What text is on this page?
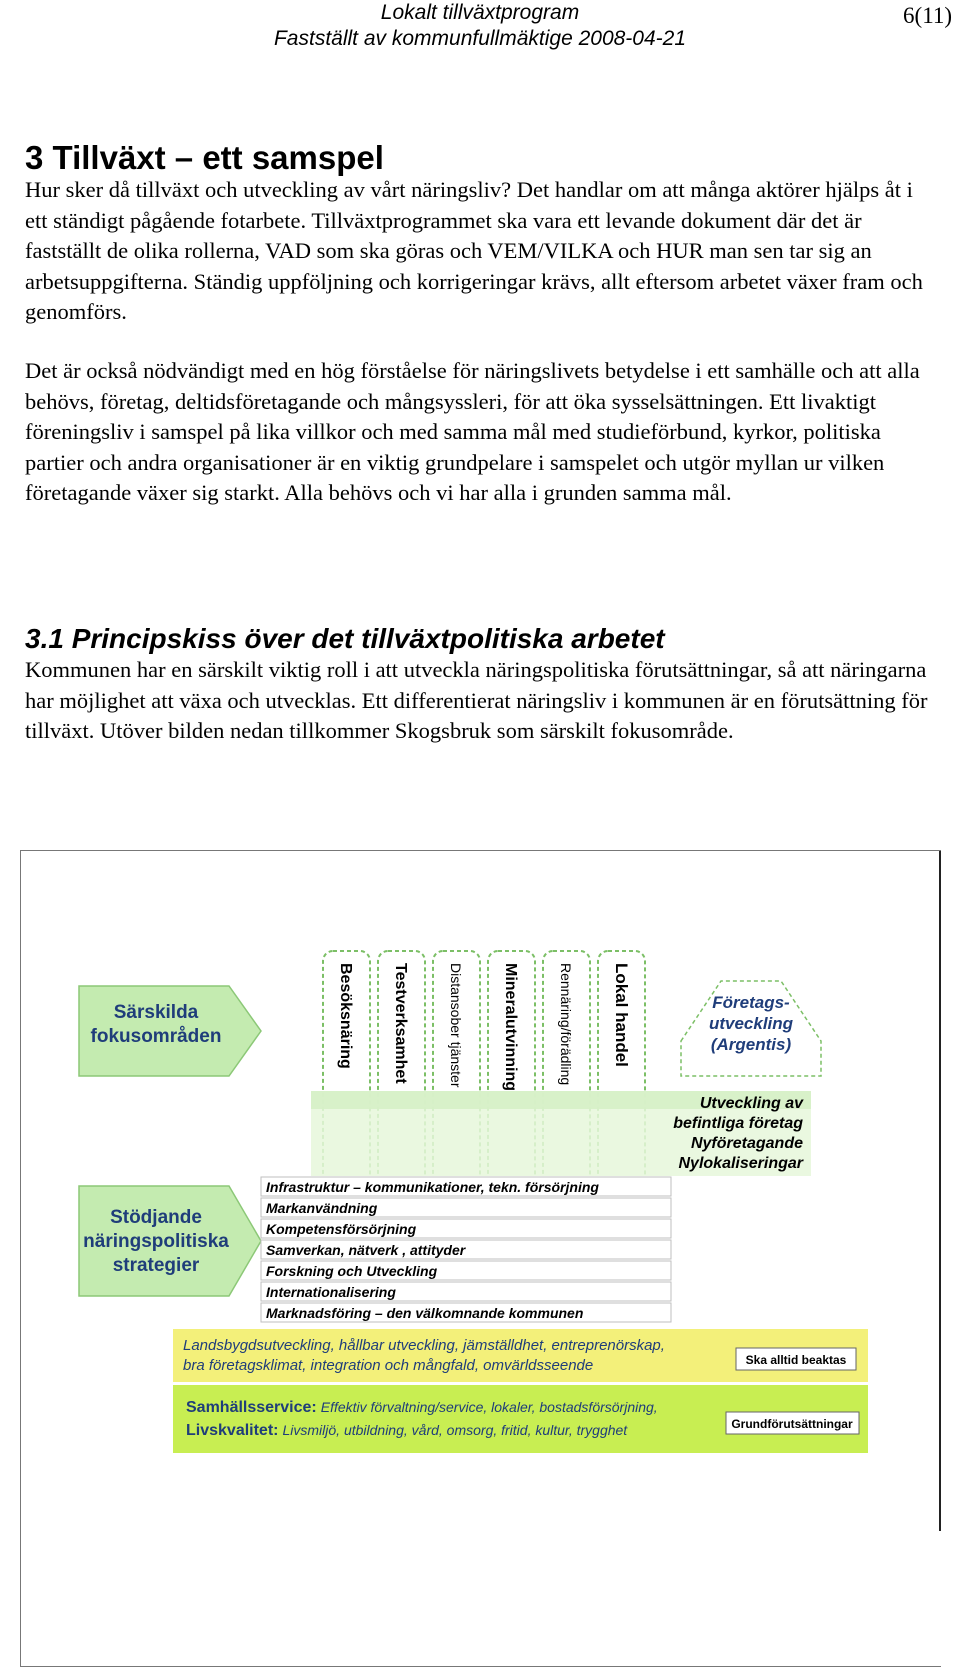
Lokalt tillväxtprogram
Fastställt av kommunfullmäktige 2008-04-21
6(11)
3 Tillväxt – ett samspel

Hur sker då tillväxt och utveckling av vårt näringsliv? Det handlar om att många aktörer hjälps åt i ett ständigt pågående fotarbete. Tillväxtprogrammet ska vara ett levande dokument där det är fastställt de olika rollerna, VAD som ska göras och VEM/VILKA och HUR man sen tar sig an arbetsuppgifterna. Ständig uppföljning och korrigeringar krävs, allt eftersom arbetet växer fram och genomförs.

Det är också nödvändigt med en hög förståelse för näringslivets betydelse i ett samhälle och att alla behövs, företag, deltidsföretagande och mångsyssleri, för att öka sysselsättningen. Ett livaktigt föreningsliv i samspel på lika villkor och med samma mål med studieförbund, kyrkor, politiska partier och andra organisationer är en viktig grundpelare i samspelet och utgör myllan ur vilken företagande växer sig starkt. Alla behövs och vi har alla i grunden samma mål.

3.1 Principskiss över det tillväxtpolitiska arbetet

Kommunen har en särskilt viktig roll i att utveckla näringspolitiska förutsättningar, så att näringarna har möjlighet att växa och utvecklas. Ett differentierat näringsliv i kommunen är en förutsättning för tillväxt. Utöver bilden nedan tillkommer Skogsbruk som särskilt fokusområde.

Särskilda
fokusområden
Stödjande
näringspolitiska
strategier
Besöksnäring Testverksamhet	Distansober tjänster Mineralutvinning	Rennäring/förädling Lokal handel	Företags-
utveckling
(Argentis)
Utveckling av
befintliga företag
Nyföretagande
Nylokaliseringar
Infrastruktur – kommunikationer, tekn. försörjning
Markanvändning
Kompetensförsörjning
Samverkan, nätverk , attityder
Forskning och Utveckling
Internationalisering
Marknadsföring – den välkomnande kommunen
Landsbygdsutveckling, hållbar utveckling, jämställdhet, entreprenörskap,
bra företagsklimat, integration och mångfald, omvärldsseende	Ska alltid beaktas
Samhällsservice: Effektiv förvaltning/service, lokaler, bostadsförsörjning,
Livskvalitet: Livsmiljö, utbildning, vård, omsorg, fritid, kultur, trygghet	Grundförutsättningar
